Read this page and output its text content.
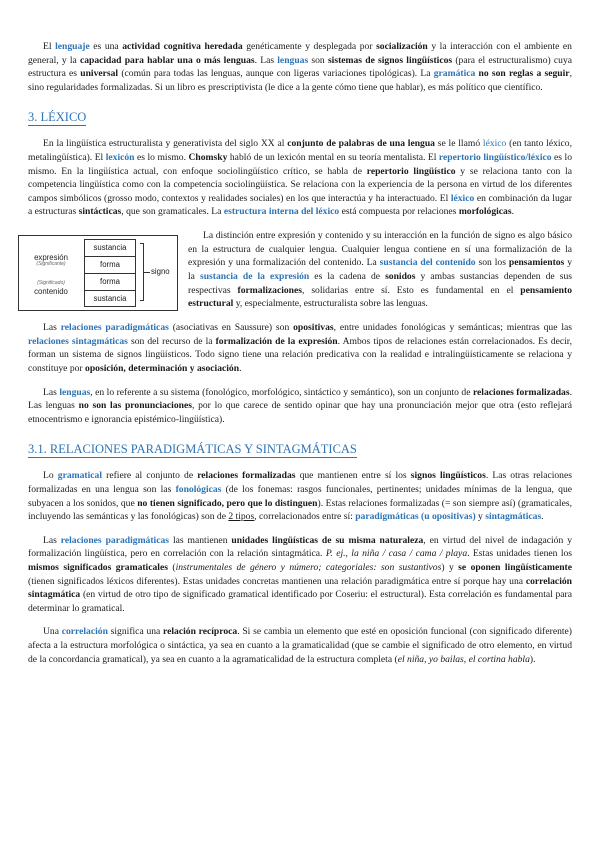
El lenguaje es una actividad cognitiva heredada genéticamente y desplegada por socialización y la interacción con el ambiente en general, y la capacidad para hablar una o más lenguas. Las lenguas son sistemas de signos lingüísticos (para el estructuralismo) cuya estructura es universal (común para todas las lenguas, aunque con ligeras variaciones tipológicas). La gramática no son reglas a seguir, sino regularidades formalizadas. Si un libro es prescriptivista (le dice a la gente cómo tiene que hablar), es más político que científico.

3. LÉXICO

En la lingüística estructuralista y generativista del siglo XX al conjunto de palabras de una lengua se le llamó léxico (en tanto léxico, metalingüística). El lexicón es lo mismo. Chomsky habló de un lexicón mental en su teoría mentalista. El repertorio lingüístico/léxico es lo mismo. En la lingüística actual, con enfoque sociolingüístico crítico, se habla de repertorio lingüístico y se relaciona tanto con la competencia lingüística como con la competencia sociolingüística. Se relaciona con la experiencia de la persona en virtud de los diferentes campos simbólicos (grosso modo, contextos y realidades sociales) en los que interactúa y ha interactuado. El léxico en combinación da lugar a estructuras sintácticas, que son gramaticales. La estructura interna del léxico está compuesta por relaciones morfológicas.

expresión
(Significante)
(Significado)
contenido
sustancia
forma
forma
sustancia
signo

La distinción entre expresión y contenido y su interacción en la función de signo es algo básico en la estructura de cualquier lengua. Cualquier lengua contiene en sí una formalización de la expresión y una formalización del contenido. La sustancia del contenido son los pensamientos y la sustancia de la expresión es la cadena de sonidos y ambas sustancias dependen de sus respectivas formalizaciones, solidarias entre sí. Esto es fundamental en el pensamiento estructural y, especialmente, estructuralista sobre las lenguas.

Las relaciones paradigmáticas (asociativas en Saussure) son opositivas, entre unidades fonológicas y semánticas; mientras que las relaciones sintagmáticas son del recurso de la formalización de la expresión. Ambos tipos de relaciones están correlacionados. Es decir, forman un sistema de signos lingüísticos. Todo signo tiene una relación predicativa con la realidad e intralingüísticamente se relaciona y constituye por oposición, determinación y asociación.

Las lenguas, en lo referente a su sistema (fonológico, morfológico, sintáctico y semántico), son un conjunto de relaciones formalizadas. Las lenguas no son las pronunciaciones, por lo que carece de sentido opinar que hay una pronunciación mejor que otra (esto reflejará etnocentrismo e ignorancia epistémico-lingüística).

3.1. RELACIONES PARADIGMÁTICAS Y SINTAGMÁTICAS

Lo gramatical refiere al conjunto de relaciones formalizadas que mantienen entre sí los signos lingüísticos. Las otras relaciones formalizadas en una lengua son las fonológicas (de los fonemas: rasgos funcionales, pertinentes; unidades mínimas de la lengua, que subyacen a los sonidos, que no tienen significado, pero que lo distinguen). Estas relaciones formalizadas (= son siempre así) (gramaticales, incluyendo las semánticas y las fonológicas) son de 2 tipos, correlacionados entre sí: paradigmáticas (u opositivas) y sintagmáticas.

Las relaciones paradigmáticas las mantienen unidades lingüísticas de su misma naturaleza, en virtud del nivel de indagación y formalización lingüística, pero en correlación con la relación sintagmática. P. ej., la niña / casa / cama / playa. Estas unidades tienen los mismos significados gramaticales (instrumentales de género y número; categoriales: son sustantivos) y se oponen lingüísticamente (tienen significados léxicos diferentes). Estas unidades concretas mantienen una relación paradigmática entre sí porque hay una correlación sintagmática (en virtud de otro tipo de significado gramatical identificado por Coseriu: el estructural). Esta correlación es fundamental para determinar lo gramatical.

Una correlación significa una relación recíproca. Si se cambia un elemento que esté en oposición funcional (con significado diferente) afecta a la estructura morfológica o sintáctica, ya sea en cuanto a la gramaticalidad (que se cambie el significado de otro elemento, en virtud de la concordancia gramatical), ya sea en cuanto a la agramaticalidad de la estructura completa (el niña, yo bailas, el cortina habla).
